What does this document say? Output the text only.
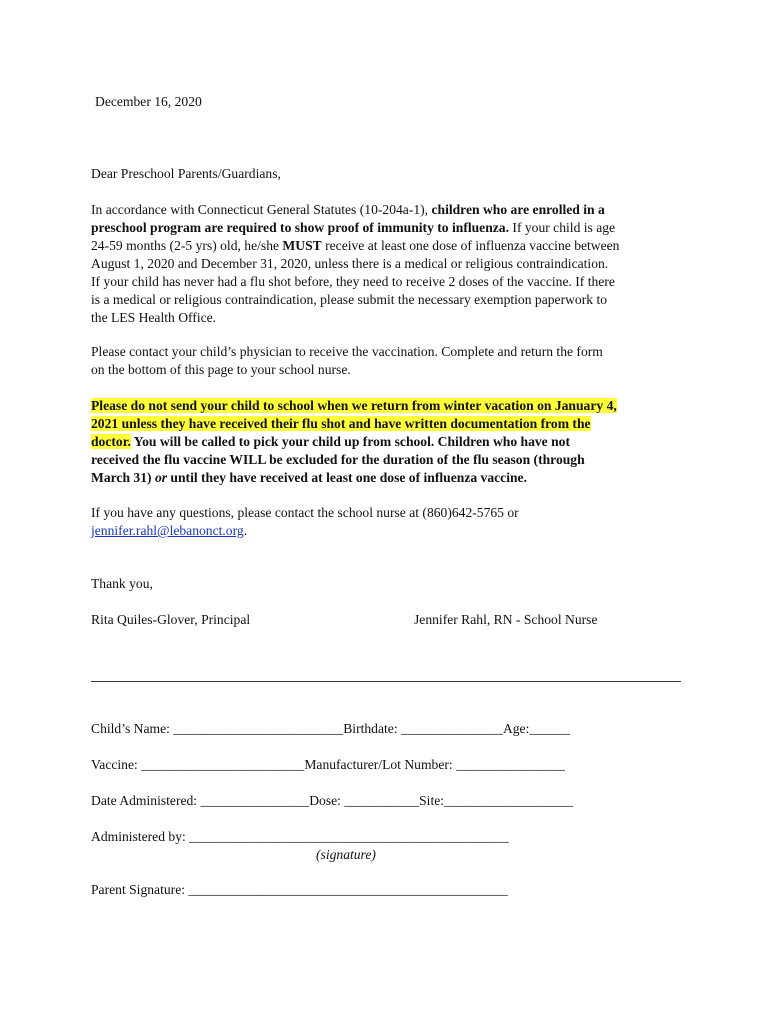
December 16, 2020
Dear Preschool Parents/Guardians,
In accordance with Connecticut General Statutes (10-204a-1), children who are enrolled in a
preschool program are required to show proof of immunity to influenza. If your child is age
24-59 months (2-5 yrs) old, he/she MUST receive at least one dose of influenza vaccine between
August 1, 2020 and December 31, 2020, unless there is a medical or religious contraindication.
If your child has never had a flu shot before, they need to receive 2 doses of the vaccine. If there
is a medical or religious contraindication, please submit the necessary exemption paperwork to
the LES Health Office.
Please contact your child’s physician to receive the vaccination. Complete and return the form
on the bottom of this page to your school nurse.
Please do not send your child to school when we return from winter vacation on January 4,
2021 unless they have received their flu shot and have written documentation from the
doctor. You will be called to pick your child up from school. Children who have not
received the flu vaccine WILL be excluded for the duration of the flu season (through
March 31) or until they have received at least one dose of influenza vaccine.
If you have any questions, please contact the school nurse at (860)642-5765 or
jennifer.rahl@lebanonct.org.
Thank you,
Rita Quiles-Glover, Principal	Jennifer Rahl, RN - School Nurse
Child’s Name: _________________________Birthdate: _______________Age:______
Vaccine: ________________________Manufacturer/Lot Number: ________________
Date Administered: ________________Dose: ___________Site:___________________
Administered by: _______________________________________________
(signature)
Parent Signature: _______________________________________________
